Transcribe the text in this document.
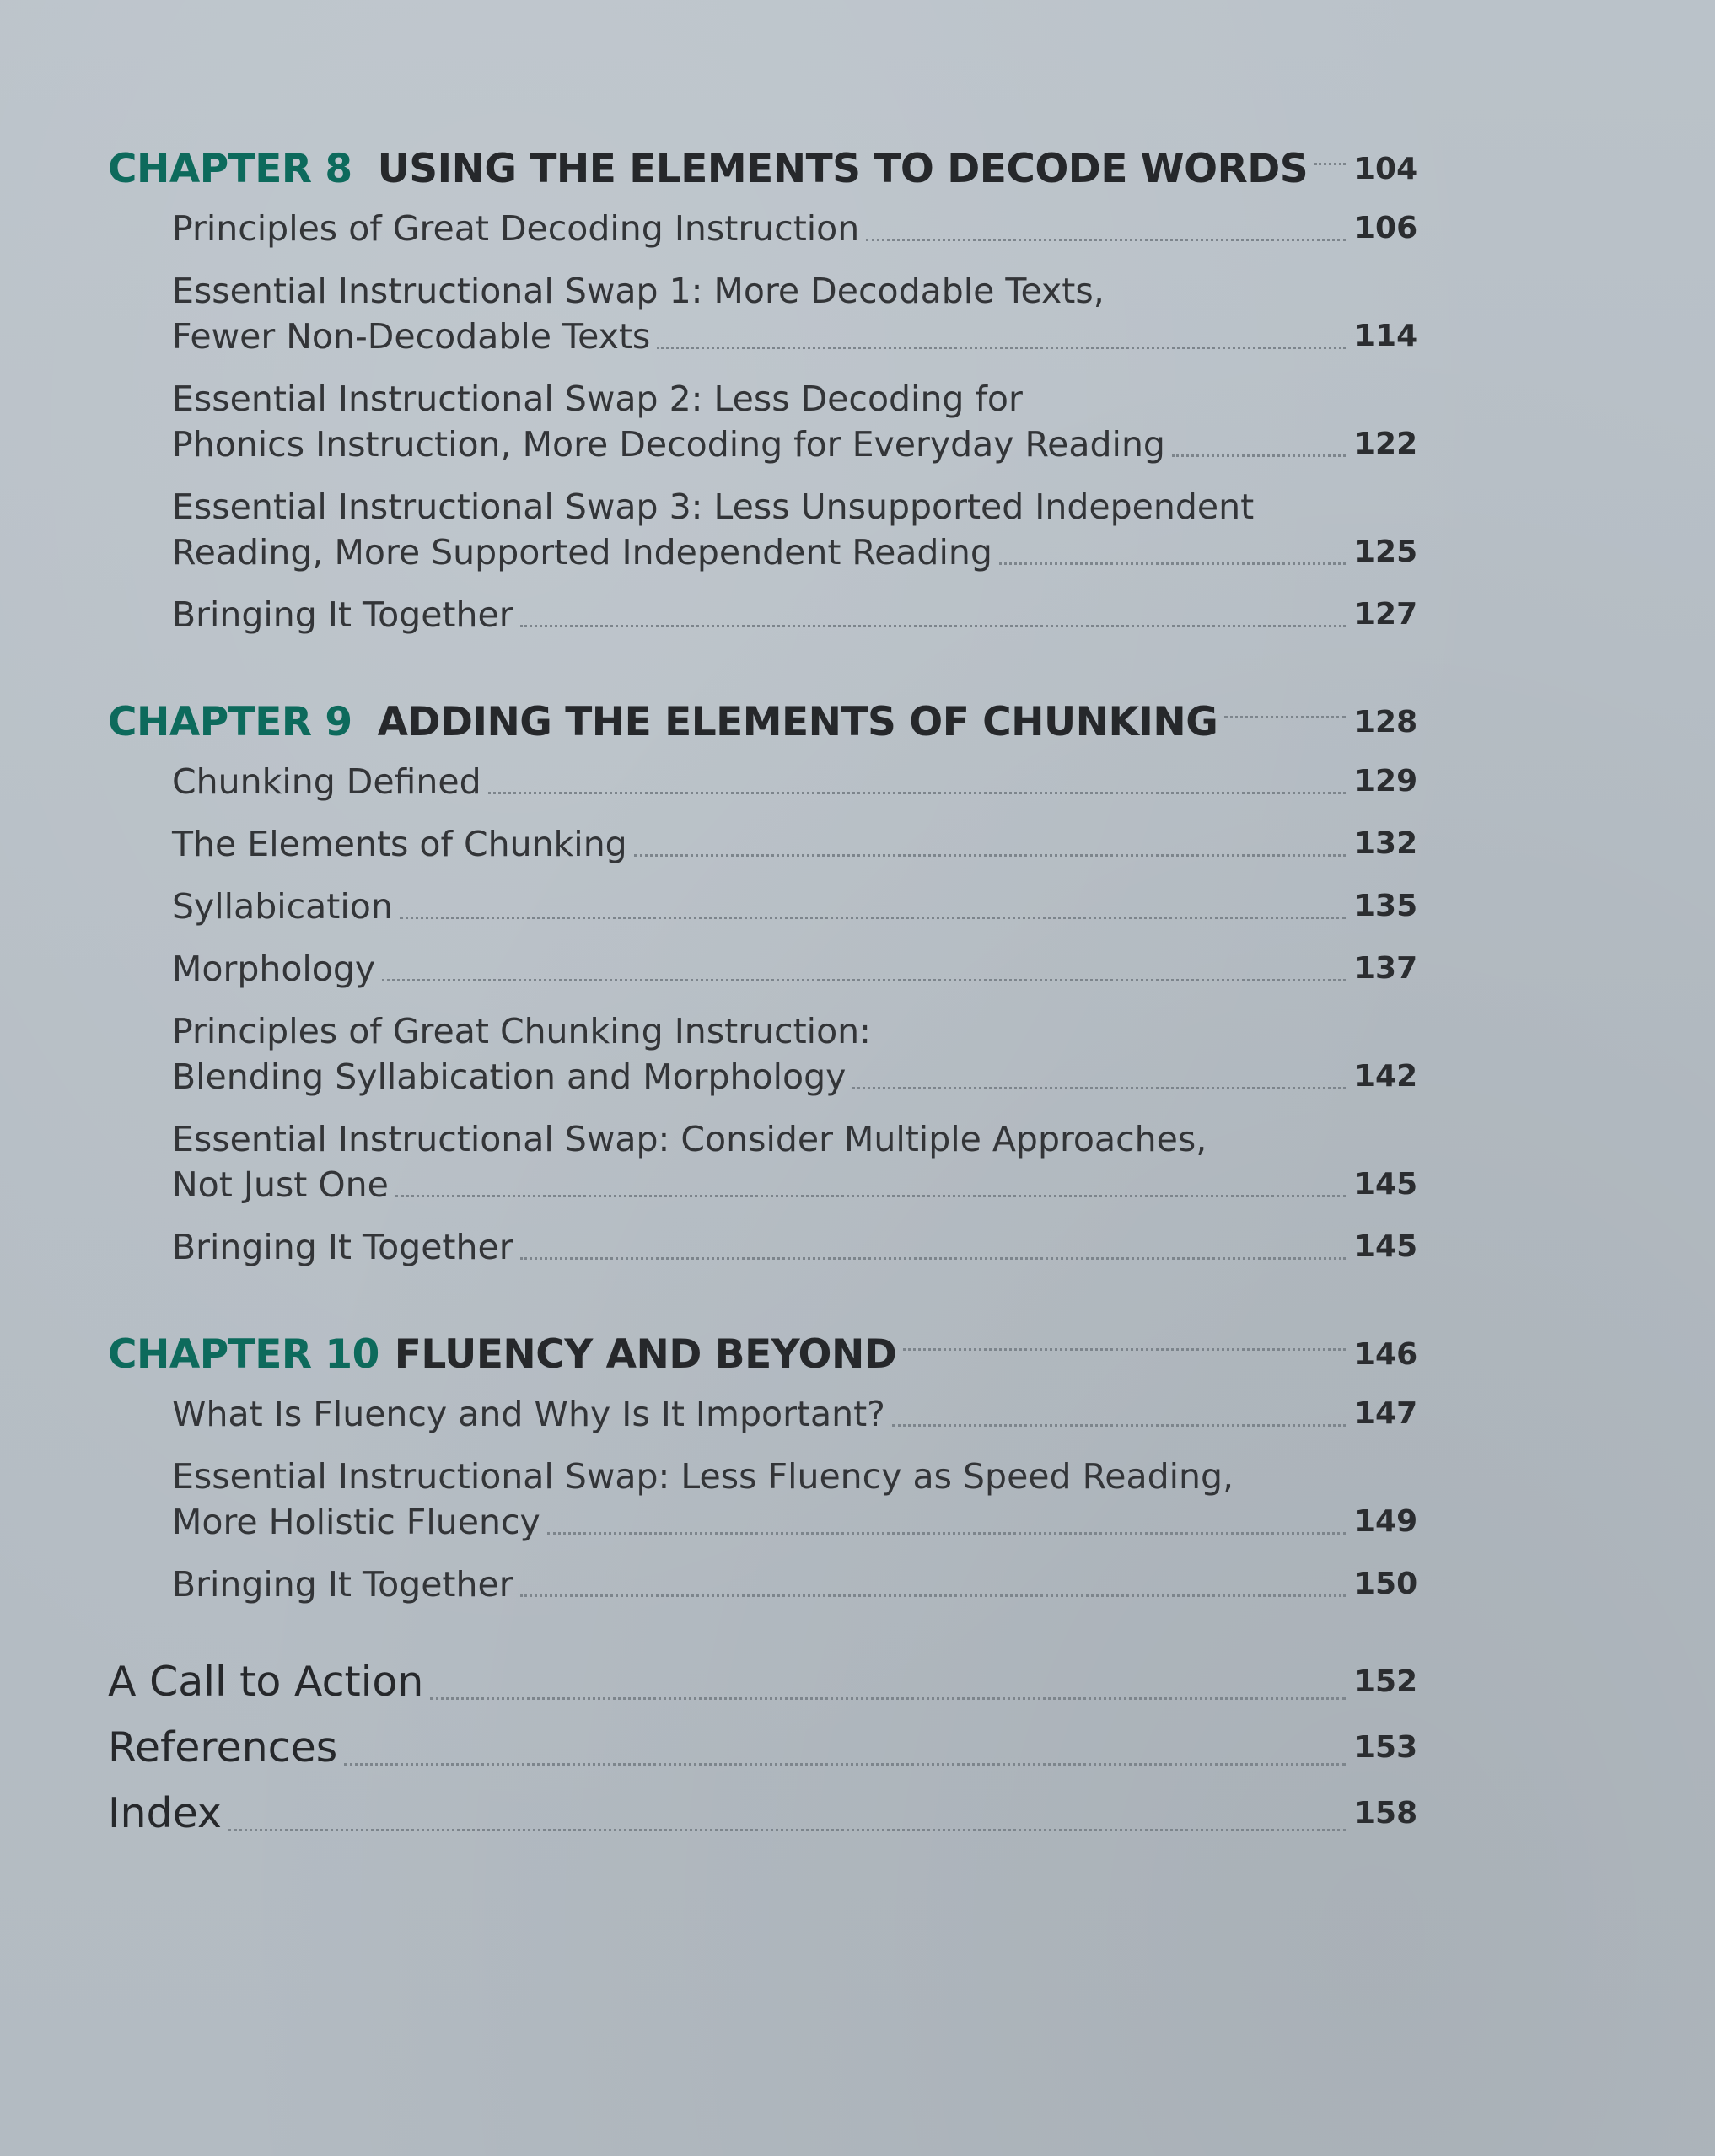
CHAPTER 8 USING THE ELEMENTS TO DECODE WORDS 104
Principles of Great Decoding Instruction	106
Essential Instructional Swap 1: More Decodable Texts,
Fewer Non-Decodable Texts	114
Essential Instructional Swap 2: Less Decoding for
Phonics Instruction, More Decoding for Everyday Reading	122
Essential Instructional Swap 3: Less Unsupported Independent
Reading, More Supported Independent Reading	125
Bringing It Together	127
CHAPTER 9 ADDING THE ELEMENTS OF CHUNKING	128
Chunking Defined	129
The Elements of Chunking	132
Syllabication	135
Morphology	137
Principles of Great Chunking Instruction:
Blending Syllabication and Morphology	142
Essential Instructional Swap: Consider Multiple Approaches,
Not Just One	145
Bringing It Together	145
CHAPTER 10 FLUENCY AND BEYOND	146
What Is Fluency and Why Is It Important?	147
Essential Instructional Swap: Less Fluency as Speed Reading,
More Holistic Fluency	149
Bringing It Together	150
A Call to Action	152
References	153
Index	158
